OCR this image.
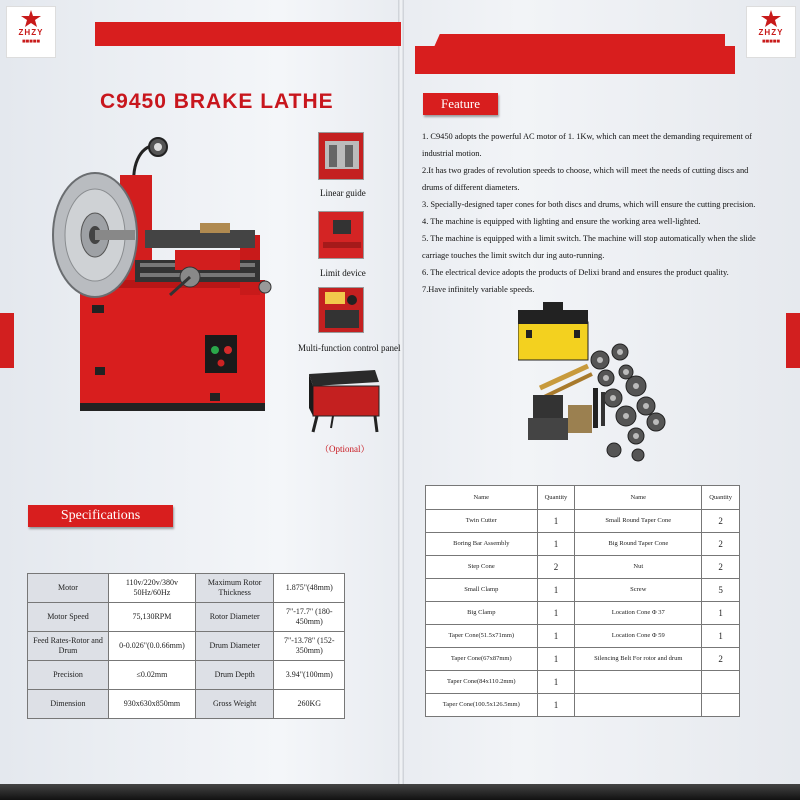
ZHZY
■■■■■
ZHZY
■■■■■
C9450 BRAKE LATHE
Linear guide
Limit device
Multi-function control panel
（Optional）
Specifications
Motor	110v/220v/380v 50Hz/60Hz	Maximum Rotor Thickness	1.875"(48mm)
Motor Speed	75,130RPM	Rotor Diameter	7"-17.7" (180-450mm)
Feed Rates-Rotor and Drum	0-0.026"(0.0.66mm)	Drum Diameter	7"-13.78" (152-350mm)
Precision	≤0.02mm	Drum Depth	3.94"(100mm)
Dimension	930x630x850mm	Gross Weight	260KG
Feature

1. C9450 adopts the powerful AC motor of 1. 1Kw, which can meet the demanding requirement of industrial motion.

2.It has two grades of revolution speeds to choose, which will meet the needs of cutting discs and drums of different diameters.

3. Specially-designed taper cones for both discs and drums, which will ensure the cutting precision.

4. The machine is equipped with lighting and ensure the working area well-lighted.

5. The machine is equipped with a limit switch. The machine will stop automatically when the slide carriage touches the limit switch dur ing auto-running.

6. The electrical device adopts the products of Delixi brand and ensures the product quality.

7.Have infinitely variable speeds.

Name	Quantity	Name	Quantity
Twin Cutter	1	Small Round Taper Cone	2
Boring Bar Assembly	1	Big Round Taper Cone	2
Step Cone	2	Nut	2
Small Clamp	1	Screw	5
Big Clamp	1	Location Cone Φ 37	1
Taper Cone(51.5x71mm)	1	Location Cone Φ 59	1
Taper Cone(67x87mm)	1	Silencing Belt For rotor and drum	2
Taper Cone(84x110.2mm)	1		
Taper Cone(100.5x126.5mm)	1		
